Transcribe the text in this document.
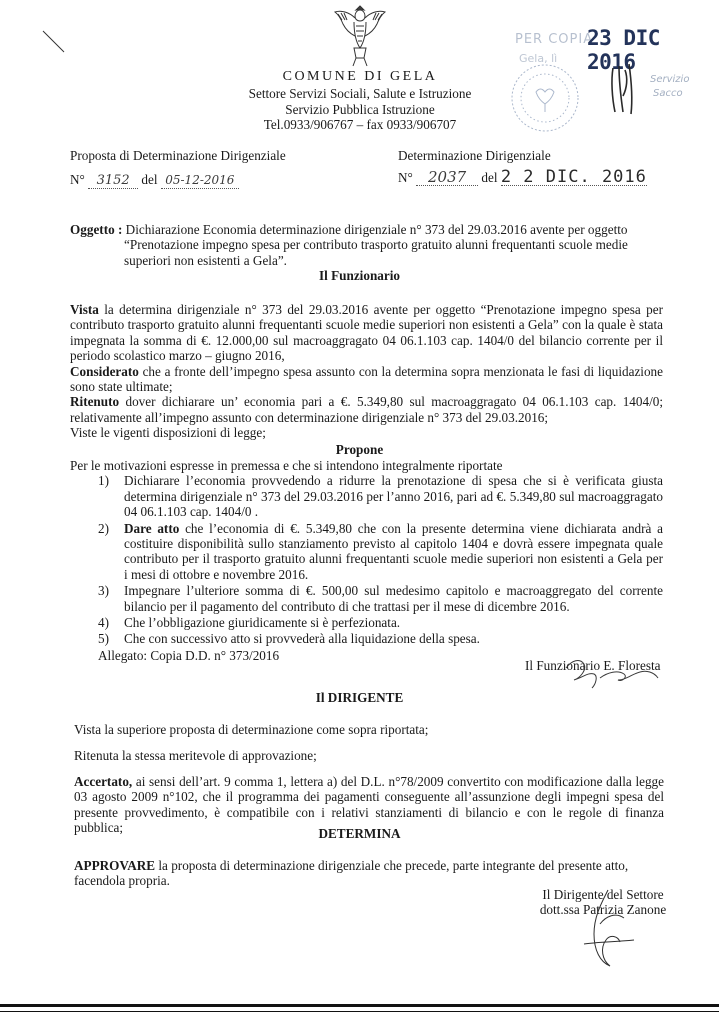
COMUNE DI GELA
Settore Servizi Sociali, Salute e Istruzione
Servizio Pubblica Istruzione
Tel.0933/906767 – fax 0933/906707
PER COPIA
23 DIC 2016
Gela, lì
Servizio
Sacco
Proposta di Determinazione Dirigenziale
N° 3152 del 05-12-2016
Determinazione Dirigenziale
N° 2037 del 2 2 DIC. 2016
Oggetto : Dichiarazione Economia determinazione dirigenziale n° 373 del 29.03.2016 avente per oggetto
“Prenotazione impegno spesa per contributo trasporto gratuito alunni frequentanti scuole medie
superiori non esistenti a Gela”.
Il Funzionario
Vista la determina dirigenziale n° 373 del 29.03.2016 avente per oggetto “Prenotazione impegno spesa per contributo trasporto gratuito alunni frequentanti scuole medie superiori non esistenti a Gela” con la quale è stata impegnata la somma di €. 12.000,00 sul macroaggragato 04 06.1.103 cap. 1404/0 del bilancio corrente per il periodo scolastico marzo – giugno 2016,
Considerato che a fronte dell’impegno spesa assunto con la determina sopra menzionata le fasi di liquidazione sono state ultimate;
Ritenuto dover dichiarare un’ economia pari a €. 5.349,80 sul macroaggragato 04 06.1.103 cap. 1404/0; relativamente all’impegno assunto con determinazione dirigenziale n° 373 del 29.03.2016;
Viste le vigenti disposizioni di legge;
Propone
Per le motivazioni espresse in premessa e che si intendono integralmente riportate
1) Dichiarare l’economia provvedendo a ridurre la prenotazione di spesa che si è verificata giusta determina dirigenziale n° 373 del 29.03.2016 per l’anno 2016, pari ad €. 5.349,80 sul macroaggragato 04 06.1.103 cap. 1404/0 .
2) Dare atto che l’economia di €. 5.349,80 che con la presente determina viene dichiarata andrà a costituire disponibilità sullo stanziamento previsto al capitolo 1404 e dovrà essere impegnata quale contributo per il trasporto gratuito alunni frequentanti scuole medie superiori non esistenti a Gela per i mesi di ottobre e novembre 2016.
3) Impegnare l’ulteriore somma di €. 500,00 sul medesimo capitolo e macroaggregato del corrente bilancio per il pagamento del contributo di che trattasi per il mese di dicembre 2016.
4) Che l’obbligazione giuridicamente si è perfezionata.
5) Che con successivo atto si provvederà alla liquidazione della spesa.
Allegato: Copia D.D. n° 373/2016
Il Funzionario E. Floresta
Il DIRIGENTE
Vista la superiore proposta di determinazione come sopra riportata;
Ritenuta la stessa meritevole di approvazione;
Accertato, ai sensi dell’art. 9 comma 1, lettera a) del D.L. n°78/2009 convertito con modificazione dalla legge 03 agosto 2009 n°102, che il programma dei pagamenti conseguente all’assunzione degli impegni spesa del presente provvedimento, è compatibile con i relativi stanziamenti di bilancio e con le regole di finanza pubblica;	DETERMINA
APPROVARE la proposta di determinazione dirigenziale che precede, parte integrante del presente atto, facendola propria.
Il Dirigente del Settore
dott.ssa Patrizia Zanone
